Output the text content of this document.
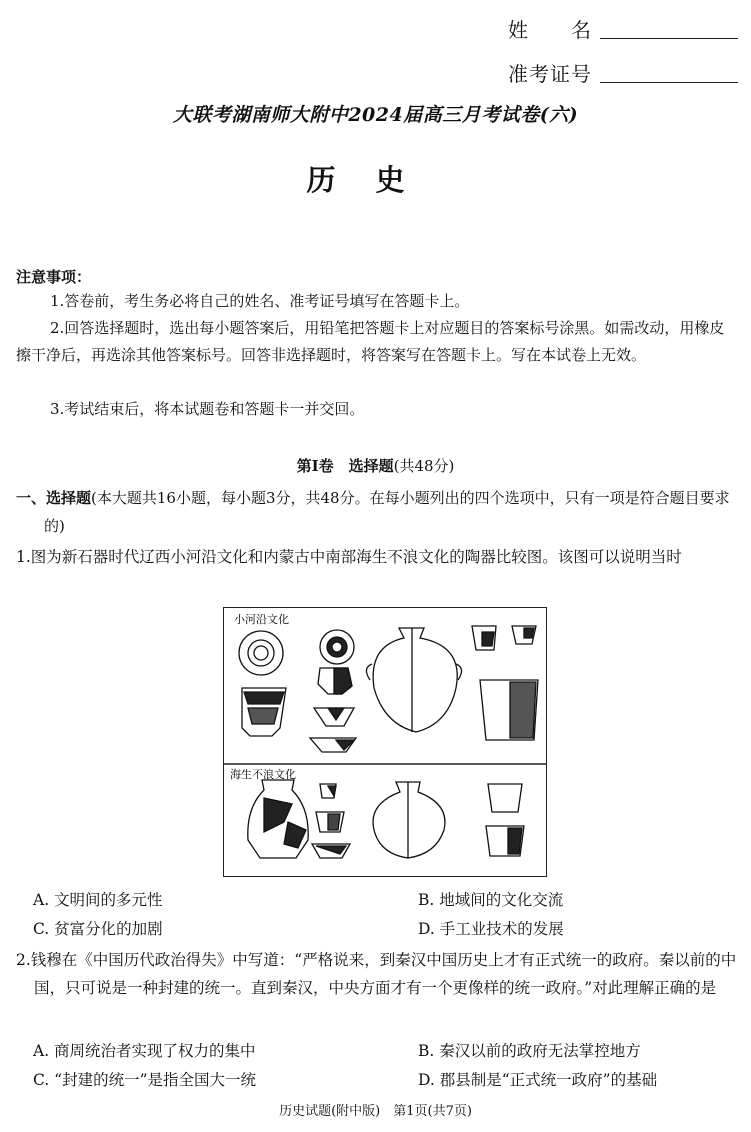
姓　　名
准考证号
大联考湖南师大附中2024届高三月考试卷(六)
历史
注意事项：
1.答卷前，考生务必将自己的姓名、准考证号填写在答题卡上。
2.回答选择题时，选出每小题答案后，用铅笔把答题卡上对应题目的答案标号涂黑。如需改动，用橡皮擦干净后，再选涂其他答案标号。回答非选择题时，将答案写在答题卡上。写在本试卷上无效。
3.考试结束后，将本试题卷和答题卡一并交回。
第Ⅰ卷　选择题(共48分)
一、选择题(本大题共16小题，每小题3分，共48分。在每小题列出的四个选项中，只有一项是符合题目要求的)
1.图为新石器时代辽西小河沿文化和内蒙古中南部海生不浪文化的陶器比较图。该图可以说明当时
小河沿文化
海生不浪文化
A. 文明间的多元性	B. 地域间的文化交流
C. 贫富分化的加剧	D. 手工业技术的发展
2.钱穆在《中国历代政治得失》中写道：“严格说来，到秦汉中国历史上才有正式统一的政府。秦以前的中国，只可说是一种封建的统一。直到秦汉，中央方面才有一个更像样的统一政府。”对此理解正确的是
A. 商周统治者实现了权力的集中	B. 秦汉以前的政府无法掌控地方
C. “封建的统一”是指全国大一统	D. 郡县制是“正式统一政府”的基础
历史试题(附中版)　第1页(共7页)
